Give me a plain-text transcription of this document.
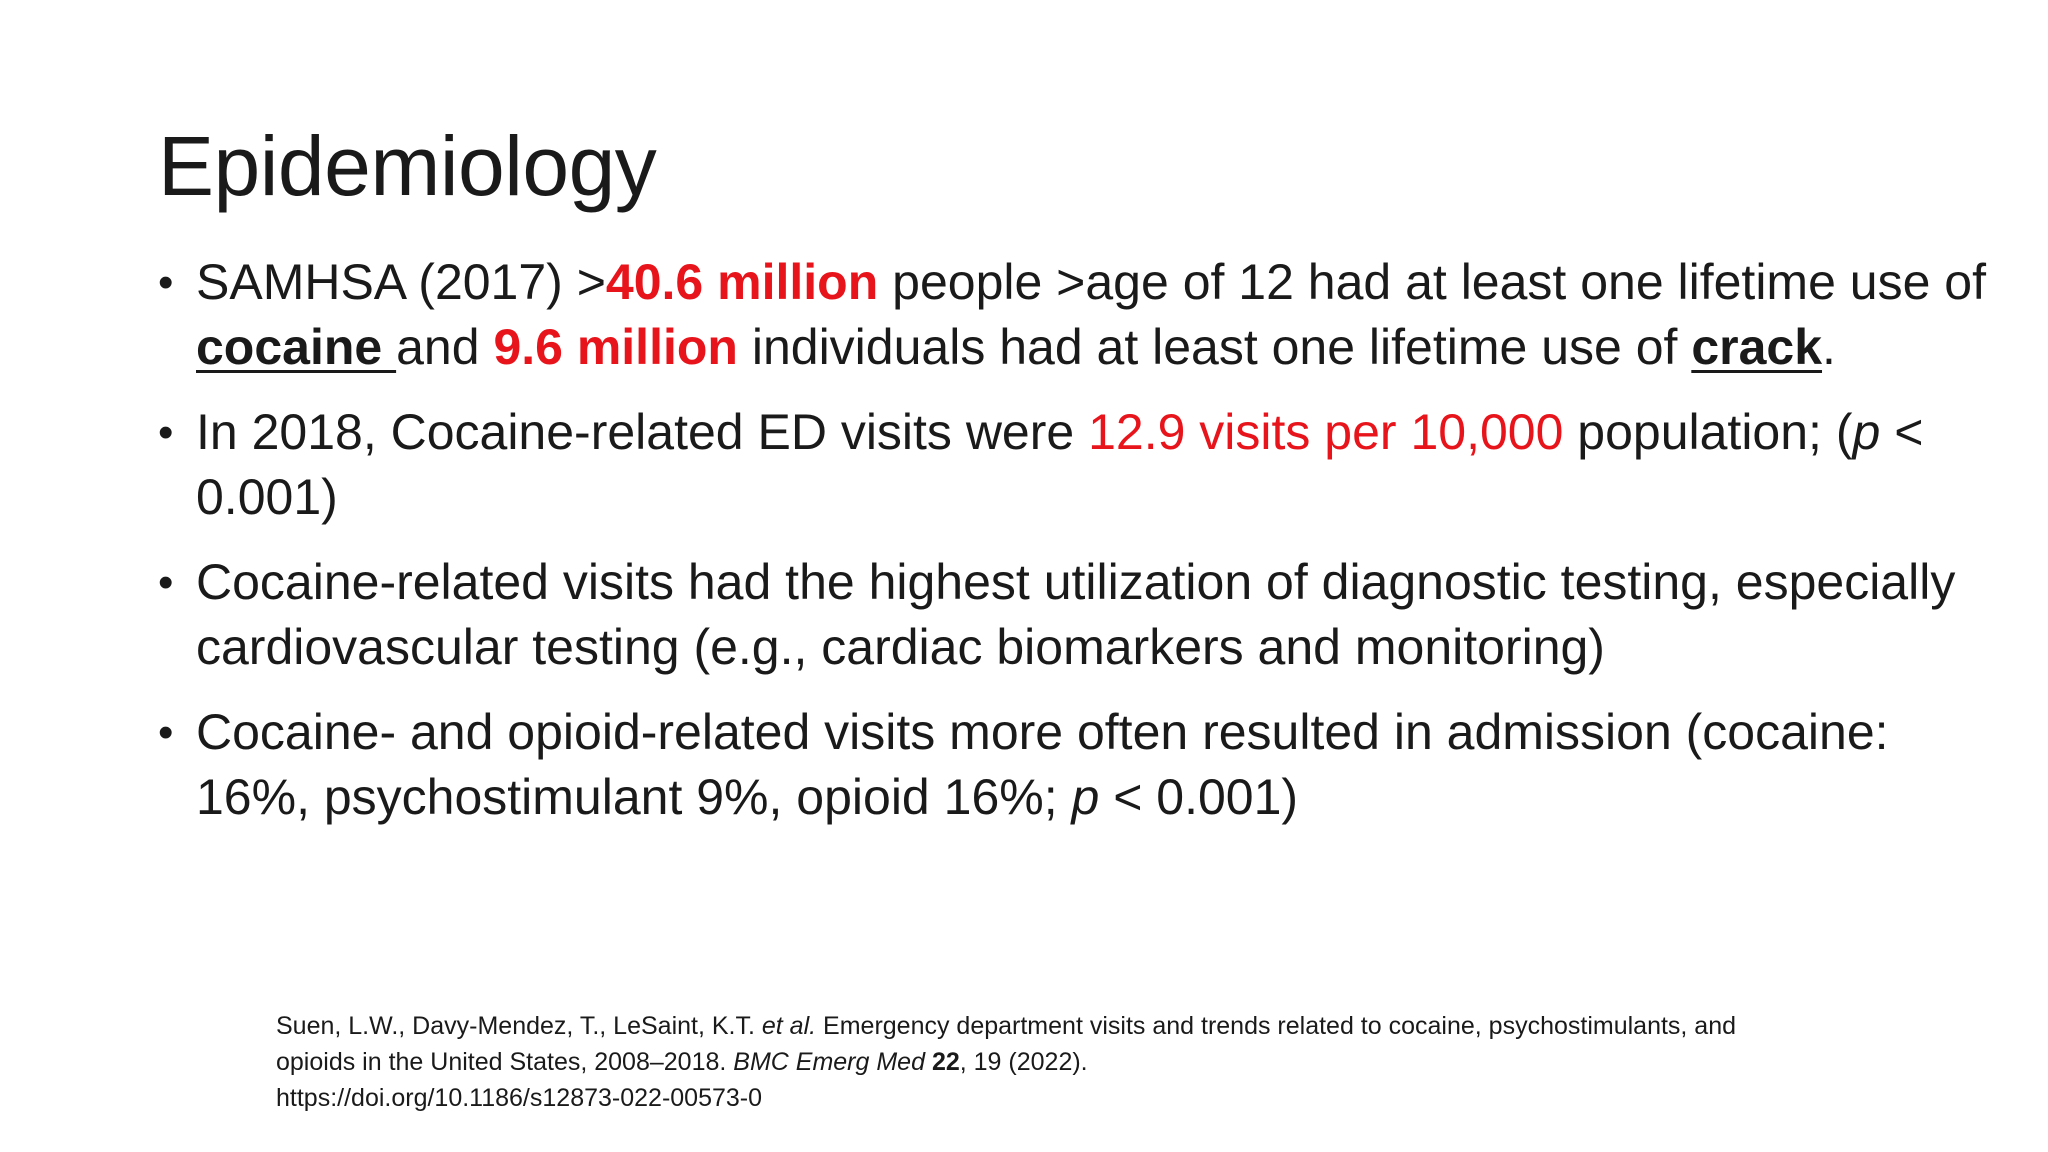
Epidemiology
• SAMHSA (2017) >40.6 million people >age of 12 had at least one lifetime use of cocaine and 9.6 million individuals had at least one lifetime use of crack.
• In 2018, Cocaine-related ED visits were 12.9 visits per 10,000 population; (p < 0.001)
• Cocaine-related visits had the highest utilization of diagnostic testing, especially cardiovascular testing (e.g., cardiac biomarkers and monitoring)
• Cocaine- and opioid-related visits more often resulted in admission (cocaine: 16%, psychostimulant 9%, opioid 16%; p < 0.001)
Suen, L.W., Davy-Mendez, T., LeSaint, K.T. et al. Emergency department visits and trends related to cocaine, psychostimulants, and opioids in the United States, 2008–2018. BMC Emerg Med 22, 19 (2022).
https://doi.org/10.1186/s12873-022-00573-0
